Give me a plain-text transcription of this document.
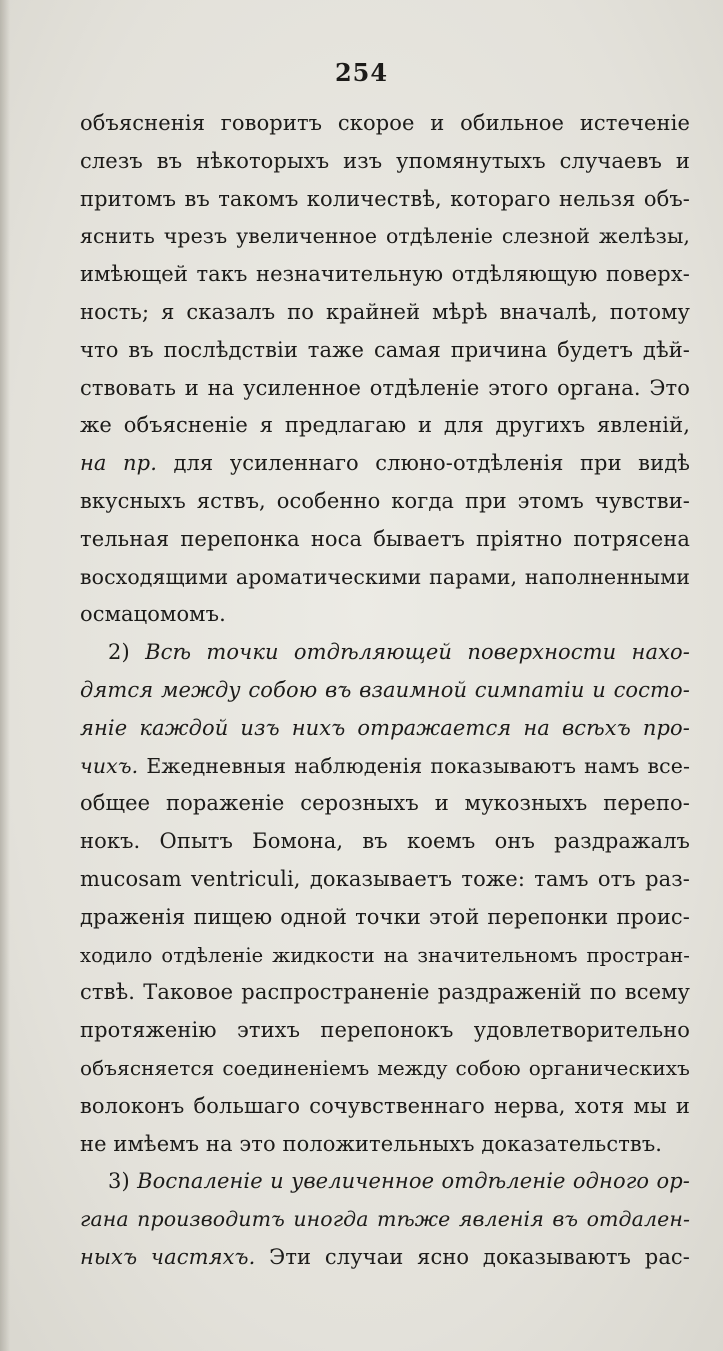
254
объясненія говоритъ скорое и обильное истеченіе
слезъ въ нѣкоторыхъ изъ упомянутыхъ случаевъ и
притомъ въ такомъ количествѣ, котораго нельзя объ-
яснить чрезъ увеличенное отдѣленіе слезной желѣзы,
имѣющей такъ незначительную отдѣляющую поверх-
ность; я сказалъ по крайней мѣрѣ вначалѣ, потому
что въ послѣдствіи таже самая причина будетъ дѣй-
ствовать и на усиленное отдѣленіе этого органа. Это
же объясненіе я предлагаю и для другихъ явленій,
на пр. для усиленнаго слюно-отдѣленія при видѣ
вкусныхъ яствъ, особенно когда при этомъ чувстви-
тельная перепонка носа бываетъ пріятно потрясена
восходящими ароматическими парами, наполненными
осмацомомъ.
2) Всѣ точки отдѣляющей поверхности нахо-
дятся между собою въ взаимной симпатіи и состо-
яніе каждой изъ нихъ отражается на всѣхъ про-
чихъ. Ежедневныя наблюденія показываютъ намъ все-
общее пораженіе серозныхъ и мукозныхъ перепо-
нокъ. Опытъ Бомона, въ коемъ онъ раздражалъ
mucosam ventriculi, доказываетъ тоже: тамъ отъ раз-
драженія пищею одной точки этой перепонки проис-
ходило отдѣленіе жидкости на значительномъ простран-
ствѣ. Таковое распространеніе раздраженій по всему
протяженію этихъ перепонокъ удовлетворительно
объясняется соединеніемъ между собою органическихъ
волоконъ большаго сочувственнаго нерва, хотя мы и
не имѣемъ на это положительныхъ доказательствъ.
3) Воспаленіе и увеличенное отдѣленіе одного ор-
гана производитъ иногда тѣже явленія въ отдален-
ныхъ частяхъ. Эти случаи ясно доказываютъ рас-
